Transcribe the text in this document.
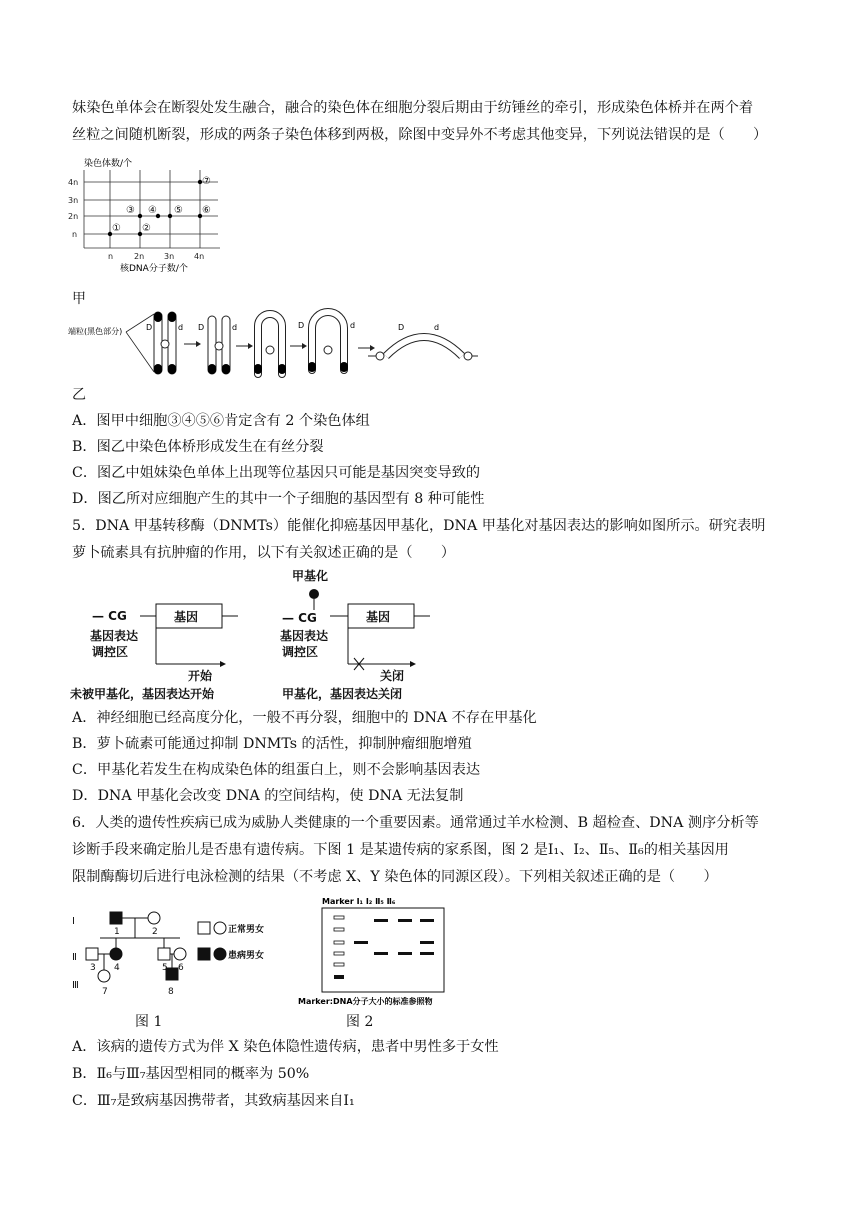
妹染色单体会在断裂处发生融合，融合的染色体在细胞分裂后期由于纺锤丝的牵引，形成染色体桥并在两个着
丝粒之间随机断裂，形成的两条子染色体移到两极，除图中变异外不考虑其他变异，下列说法错误的是（　　）
染色体数/个
4n
3n
2n
n
n	2n 3n 4n
核DNA分子数/个
① ②
③ ④ ⑤ ⑥
⑦
甲
端粒(黑色部分)	D	d D	d	D	d	D	d
乙
A．图甲中细胞③④⑤⑥肯定含有 2 个染色体组
B．图乙中染色体桥形成发生在有丝分裂
C．图乙中姐妹染色单体上出现等位基因只可能是基因突变导致的
D．图乙所对应细胞产生的其中一个子细胞的基因型有 8 种可能性
5．DNA 甲基转移酶（DNMTs）能催化抑癌基因甲基化，DNA 甲基化对基因表达的影响如图所示。研究表明
萝卜硫素具有抗肿瘤的作用，以下有关叙述正确的是（　　）
— CG	基因
基因表达
调控区
开始
未被甲基化，基因表达开始
甲基化
— CG	基因
基因表达
调控区
关闭
甲基化，基因表达关闭
A．神经细胞已经高度分化，一般不再分裂，细胞中的 DNA 不存在甲基化
B．萝卜硫素可能通过抑制 DNMTs 的活性，抑制肿瘤细胞增殖
C．甲基化若发生在构成染色体的组蛋白上，则不会影响基因表达
D．DNA 甲基化会改变 DNA 的空间结构，使 DNA 无法复制
6．人类的遗传性疾病已成为威胁人类健康的一个重要因素。通常通过羊水检测、B 超检查、DNA 测序分析等
诊断手段来确定胎儿是否患有遗传病。下图 1 是某遗传病的家系图，图 2 是Ⅰ₁、Ⅰ₂、Ⅱ₅、Ⅱ₆的相关基因用
限制酶酶切后进行电泳检测的结果（不考虑 X、Y 染色体的同源区段）。下列相关叙述正确的是（　　）
Ⅰ
Ⅱ
Ⅲ
1	2
3 4	5 6
7	8
正常男女
患病男女
Marker Ⅰ₁ Ⅰ₂ Ⅱ₅ Ⅱ₆
Marker:DNA分子大小的标准参照物
图 1	图 2
A．该病的遗传方式为伴 X 染色体隐性遗传病，患者中男性多于女性
B．Ⅱ₆与Ⅲ₇基因型相同的概率为 50%
C．Ⅲ₇是致病基因携带者，其致病基因来自Ⅰ₁
